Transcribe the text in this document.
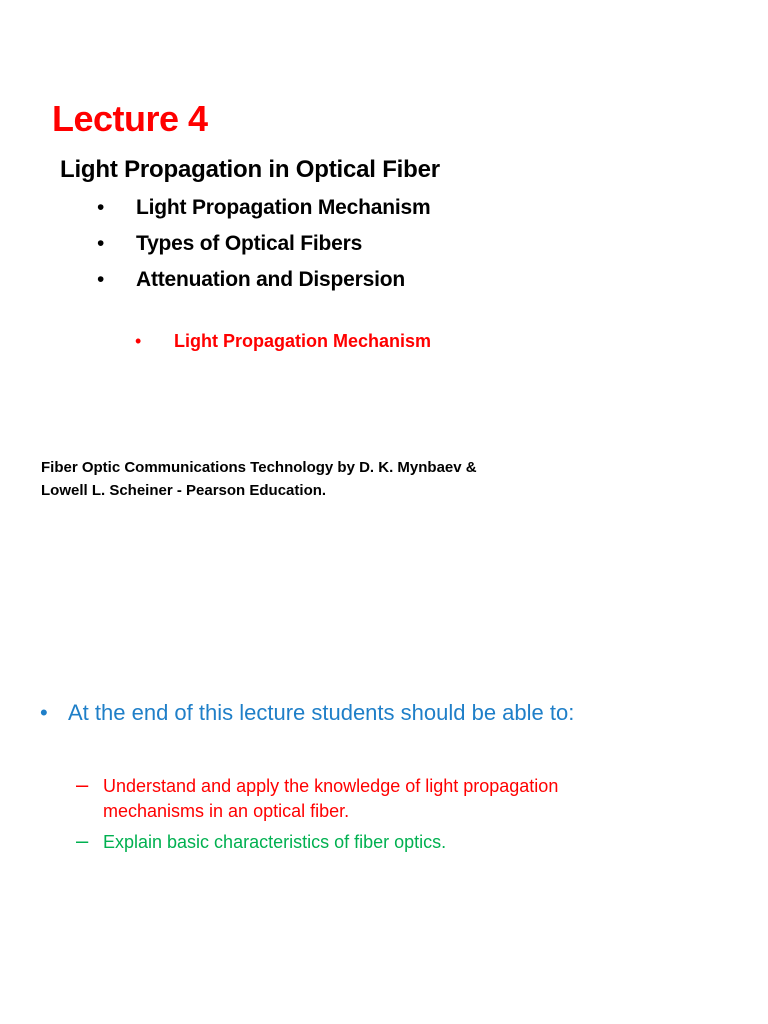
Lecture 4
Light Propagation in Optical Fiber
• Light Propagation Mechanism
• Types of Optical Fibers
• Attenuation and Dispersion
• Light Propagation Mechanism
Fiber Optic Communications Technology by D. K. Mynbaev &
Lowell L. Scheiner - Pearson Education.
• At the end of this lecture students should be able to:
– Understand and apply the knowledge of light propagation mechanisms in an optical fiber.
– Explain basic characteristics of fiber optics.
